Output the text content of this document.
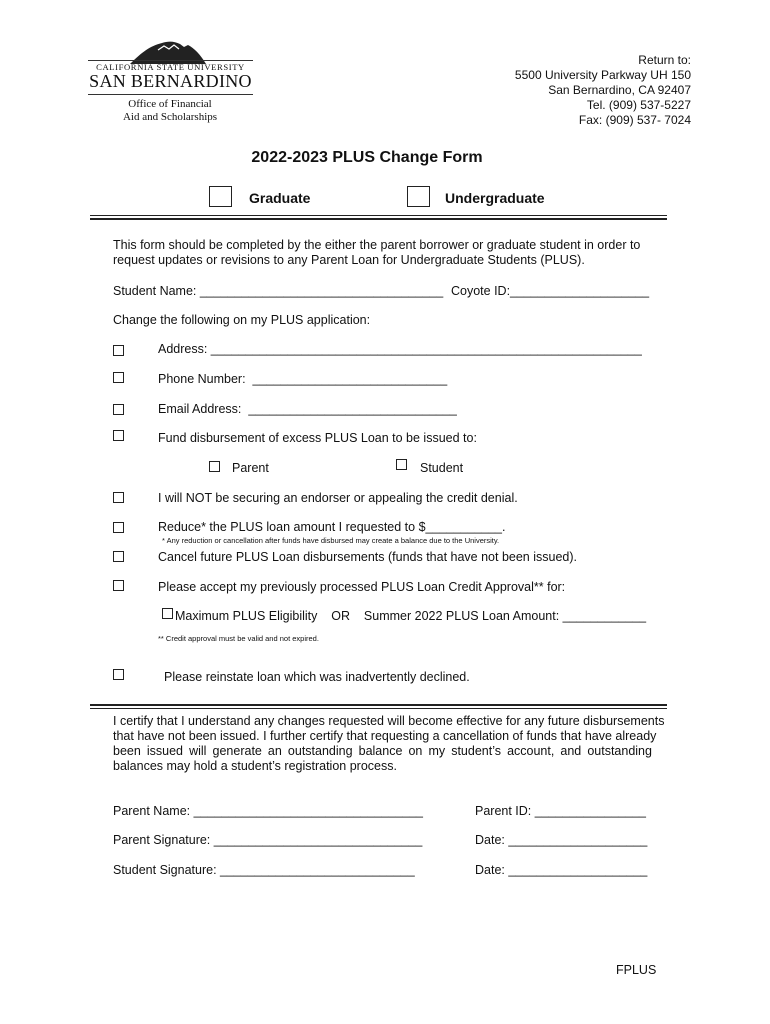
CALIFORNIA STATE UNIVERSITY
SAN BERNARDINO
Office of Financial
Aid and Scholarships
Return to:
5500 University Parkway UH 150
San Bernardino, CA 92407
Tel. (909) 537-5227
Fax: (909) 537- 7024
2022-2023 PLUS Change Form
Graduate	Undergraduate
This form should be completed by the either the parent borrower or graduate student in order to
request updates or revisions to any Parent Loan for Undergraduate Students (PLUS).
Student Name: ___________________________________ Coyote ID:____________________
Change the following on my PLUS application:
Address: ______________________________________________________________
Phone Number:  ____________________________
Email Address:  ______________________________
Fund disbursement of excess PLUS Loan to be issued to:
Parent	Student
I will NOT be securing an endorser or appealing the credit denial.
Reduce* the PLUS loan amount I requested to $___________.
* Any reduction or cancellation after funds have disbursed may create a balance due to the University.
Cancel future PLUS Loan disbursements (funds that have not been issued).
Please accept my previously processed PLUS Loan Credit Approval** for:
Maximum PLUS Eligibility    OR    Summer 2022 PLUS Loan Amount: ____________
** Credit approval must be valid and not expired.
Please reinstate loan which was inadvertently declined.
I certify that I understand any changes requested will become effective for any future disbursements
that have not been issued. I further certify that requesting a cancellation of funds that have already
been issued will generate an outstanding balance on my student’s account, and outstanding
balances may hold a student’s registration process.
Parent Name: _________________________________	Parent ID: ________________
Parent Signature: ______________________________	Date: ____________________
Student Signature: ____________________________	Date: ____________________
FPLUS
